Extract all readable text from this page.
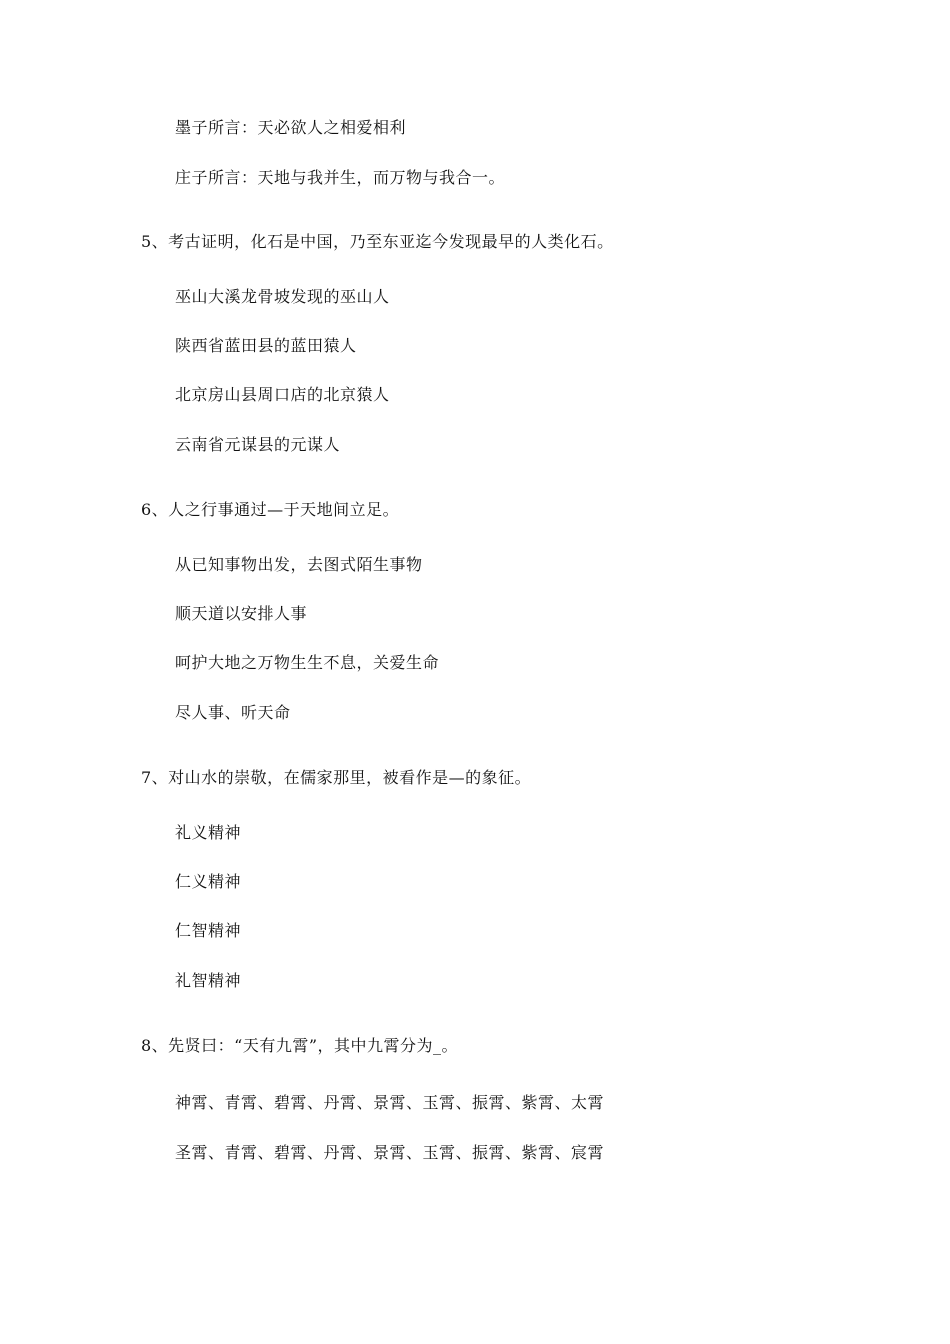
墨子所言：天必欲人之相爱相利
庄子所言：天地与我并生，而万物与我合一。
5、考古证明，化石是中国，乃至东亚迄今发现最早的人类化石。
巫山大溪龙骨坡发现的巫山人
陕西省蓝田县的蓝田猿人
北京房山县周口店的北京猿人
云南省元谋县的元谋人
6、人之行事通过—于天地间立足。
从已知事物出发，去图式陌生事物
顺天道以安排人事
呵护大地之万物生生不息，关爱生命
尽人事、听天命
7、对山水的崇敬，在儒家那里，被看作是—的象征。
礼义精神
仁义精神
仁智精神
礼智精神
8、先贤曰：“天有九霄”，其中九霄分为_。
神霄、青霄、碧霄、丹霄、景霄、玉霄、振霄、紫霄、太霄
圣霄、青霄、碧霄、丹霄、景霄、玉霄、振霄、紫霄、宸霄
